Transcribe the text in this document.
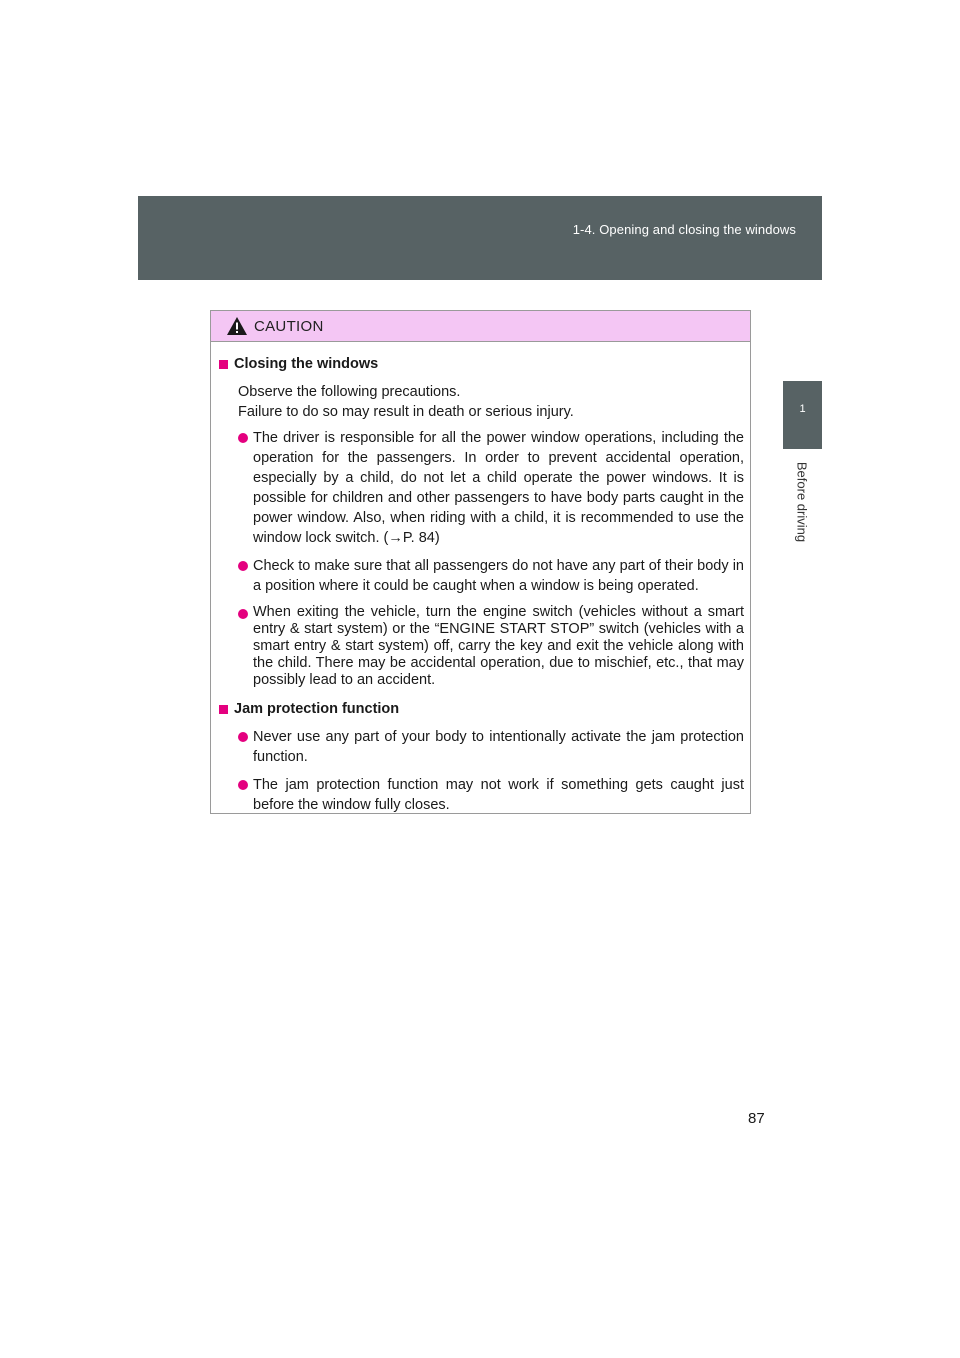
1-4. Opening and closing the windows
1
Before driving
CAUTION
Closing the windows

Observe the following precautions.

Failure to do so may result in death or serious injury.

The driver is responsible for all the power window operations, including the operation for the passengers. In order to prevent accidental operation, especially by a child, do not let a child operate the power windows. It is possible for children and other passengers to have body parts caught in the power window. Also, when riding with a child, it is recommended to use the window lock switch. (→P. 84)
Check to make sure that all passengers do not have any part of their body in a position where it could be caught when a window is being operated.
When exiting the vehicle, turn the engine switch (vehicles without a smart entry & start system) or the “ENGINE START STOP” switch (vehicles with a smart entry & start system) off, carry the key and exit the vehicle along with the child. There may be accidental operation, due to mischief, etc., that may possibly lead to an accident.
Jam protection function
Never use any part of your body to intentionally activate the jam protection function.
The jam protection function may not work if something gets caught just before the window fully closes.
87
